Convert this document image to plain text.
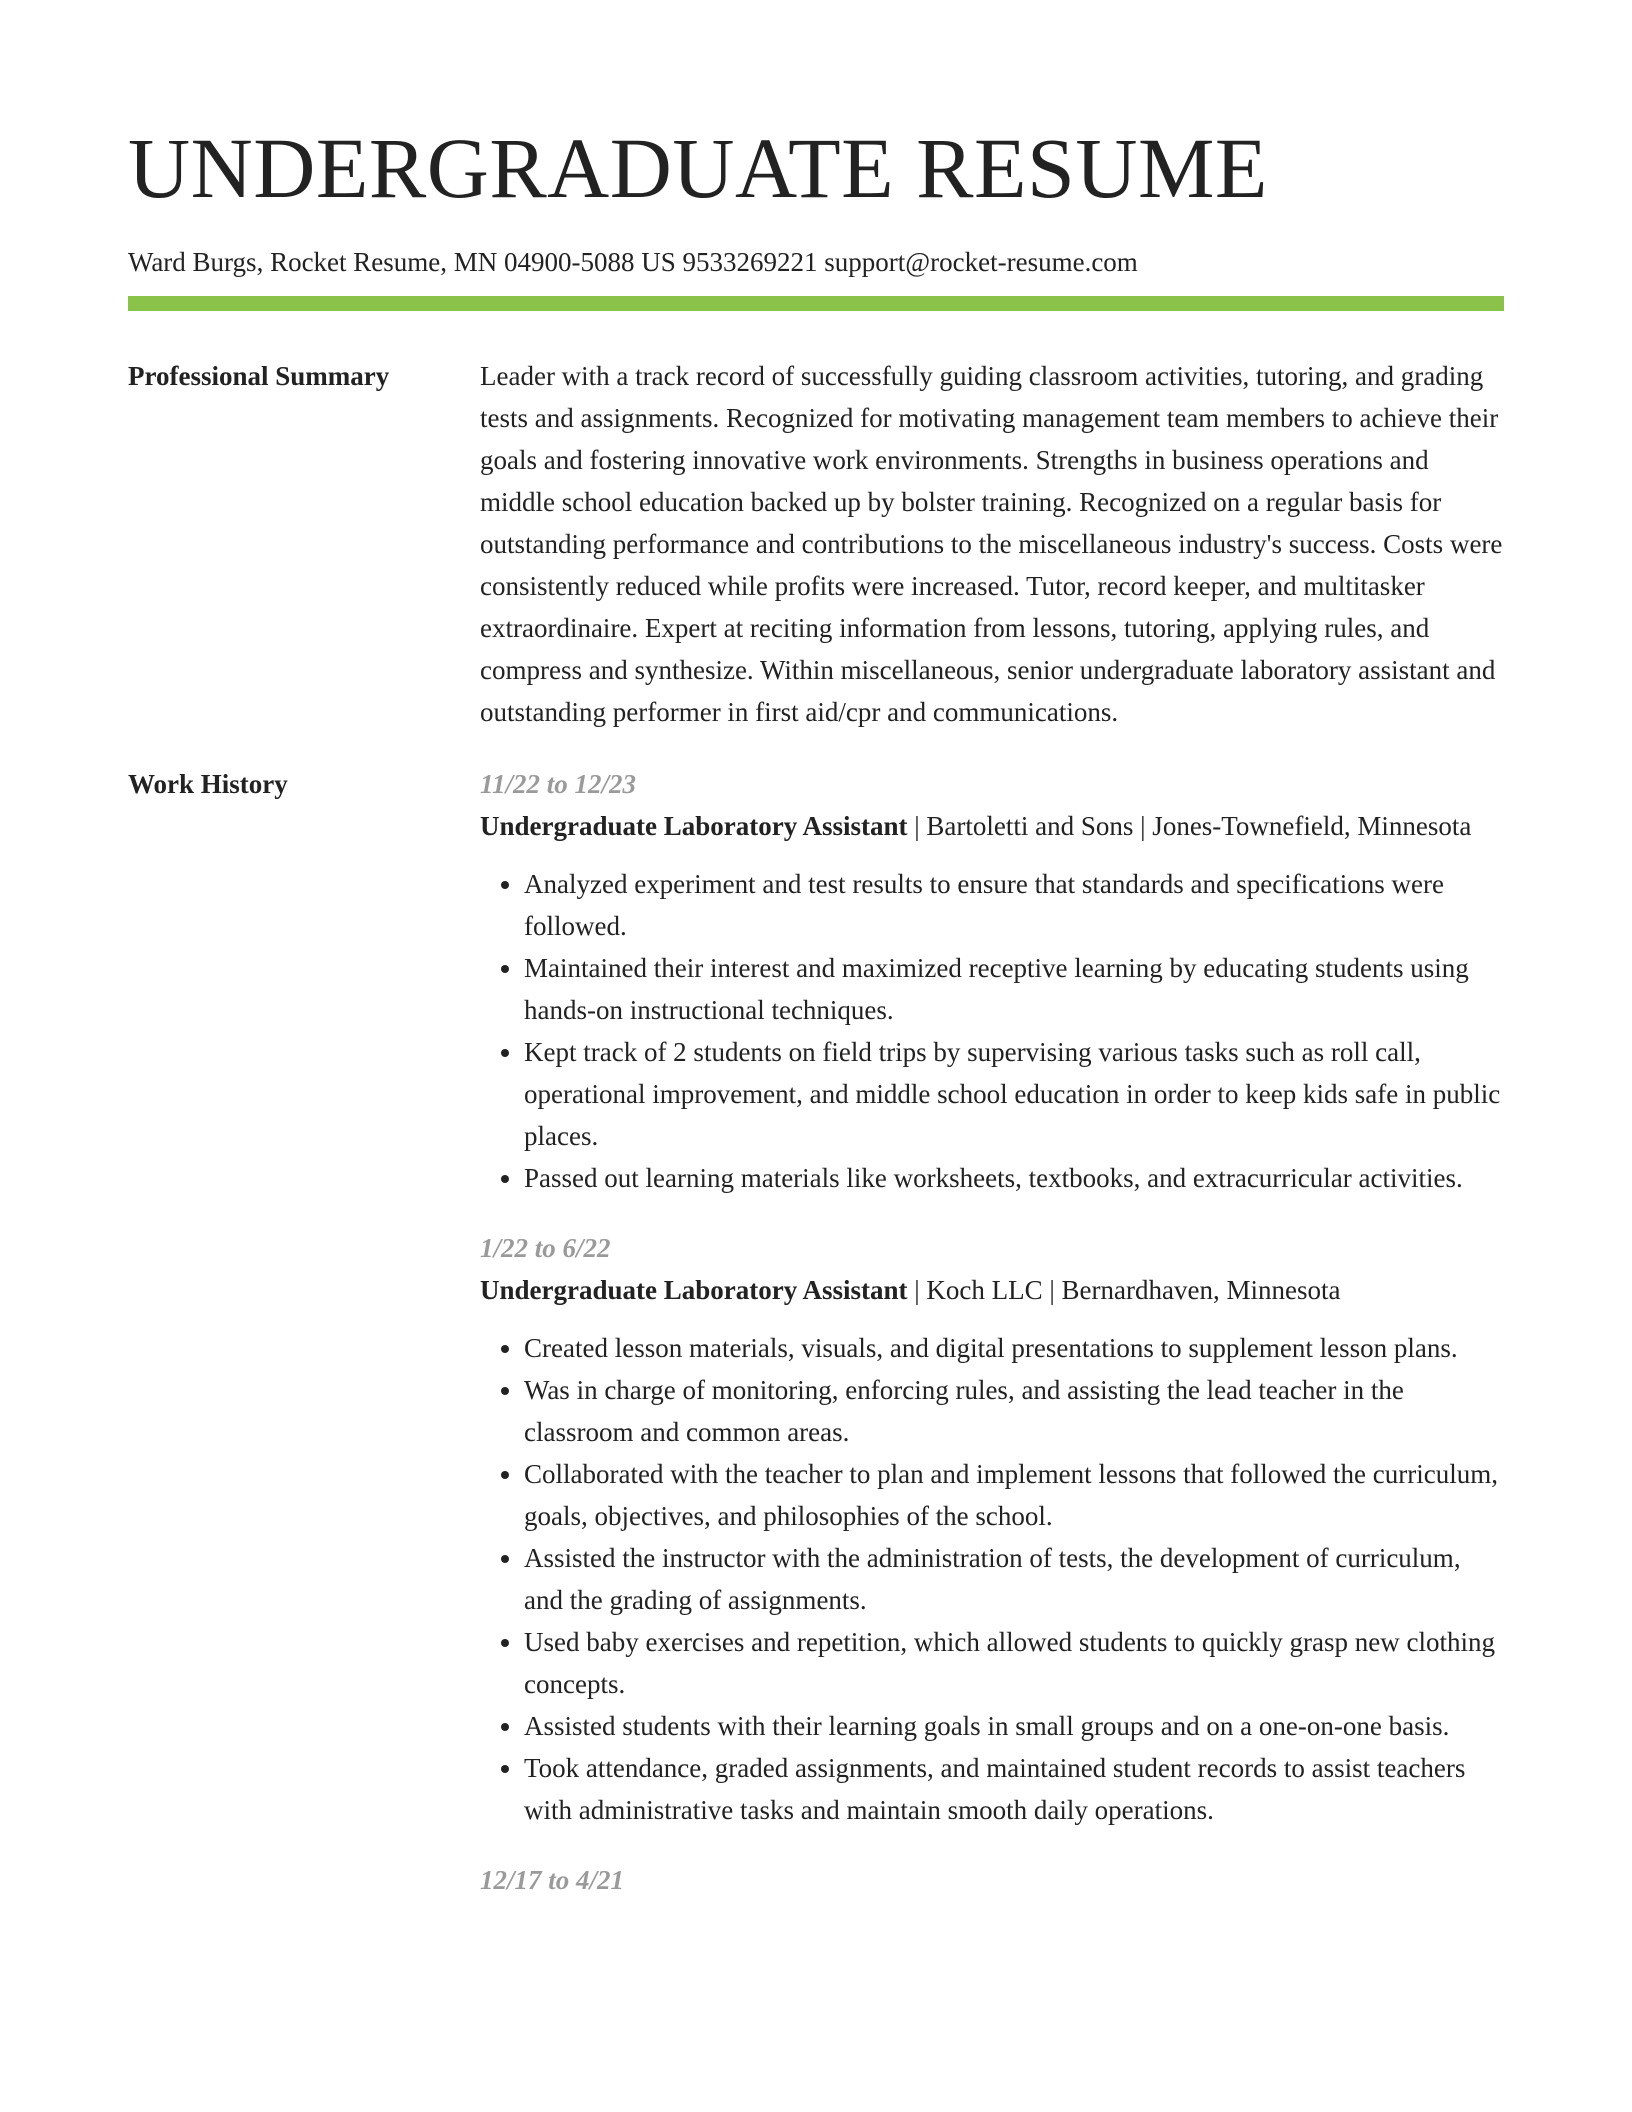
UNDERGRADUATE RESUME
Ward Burgs, Rocket Resume, MN 04900-5088 US 9533269221 support@rocket-resume.com
Professional Summary	Leader with a track record of successfully guiding classroom activities, tutoring, and grading tests and assignments. Recognized for motivating management team members to achieve their goals and fostering innovative work environments. Strengths in business operations and middle school education backed up by bolster training. Recognized on a regular basis for outstanding performance and contributions to the miscellaneous industry's success. Costs were consistently reduced while profits were increased. Tutor, record keeper, and multitasker extraordinaire. Expert at reciting information from lessons, tutoring, applying rules, and compress and synthesize. Within miscellaneous, senior undergraduate laboratory assistant and outstanding performer in first aid/cpr and communications.

Work History	11/22 to 12/23
Undergraduate Laboratory Assistant | Bartoletti and Sons | Jones-Townefield, Minnesota
• Analyzed experiment and test results to ensure that standards and specifications were followed.
• Maintained their interest and maximized receptive learning by educating students using hands-on instructional techniques.
• Kept track of 2 students on field trips by supervising various tasks such as roll call, operational improvement, and middle school education in order to keep kids safe in public places.
• Passed out learning materials like worksheets, textbooks, and extracurricular activities.
1/22 to 6/22
Undergraduate Laboratory Assistant | Koch LLC | Bernardhaven, Minnesota
• Created lesson materials, visuals, and digital presentations to supplement lesson plans.
• Was in charge of monitoring, enforcing rules, and assisting the lead teacher in the classroom and common areas.
• Collaborated with the teacher to plan and implement lessons that followed the curriculum, goals, objectives, and philosophies of the school.
• Assisted the instructor with the administration of tests, the development of curriculum, and the grading of assignments.
• Used baby exercises and repetition, which allowed students to quickly grasp new clothing concepts.
• Assisted students with their learning goals in small groups and on a one-on-one basis.
• Took attendance, graded assignments, and maintained student records to assist teachers with administrative tasks and maintain smooth daily operations.
12/17 to 4/21
